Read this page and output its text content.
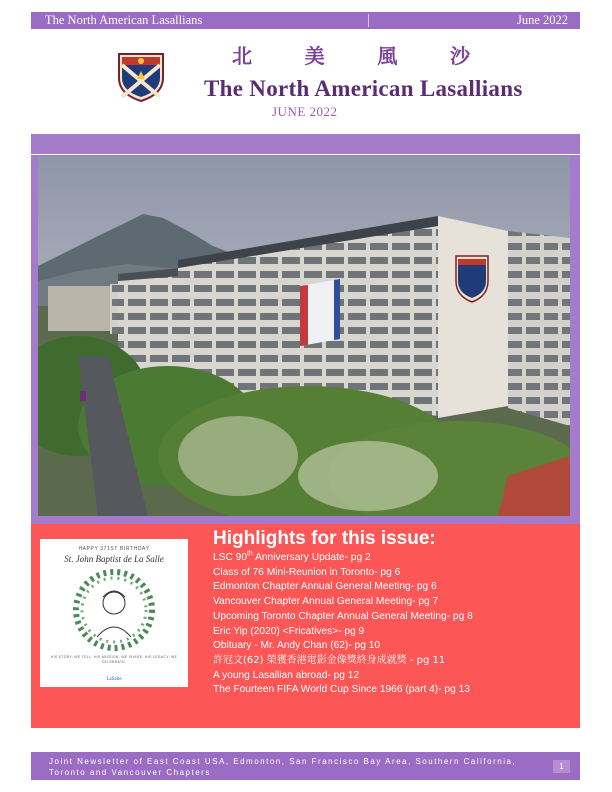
The North American Lasallians	June 2022
北	美	風	沙
The North American Lasallians
JUNE 2022
HAPPY 371ST BIRTHDAY
St. John Baptist de La Salle
HIS STORY, WE TELL. HIS MISSION, WE SHARE. HIS LEGACY, WE CELEBRATE.
LaSalle
Highlights for this issue:
LSC 90th Anniversary Update- pg 2
Class of 76 Mini-Reunion in Toronto- pg 6
Edmonton Chapter Annual General Meeting- pg 6
Vancouver Chapter Annual General Meeting- pg 7
Upcoming Toronto Chapter Annual General Meeting- pg 8
Eric Yip (2020) <Fricatives>- pg 9
Obituary - Mr. Andy Chan (62)- pg 10
許冠文(62) 榮獲香港電影金像獎終身成就獎 - pg 11
A young Lasallian abroad- pg 12
The Fourteen FIFA World Cup Since 1966 (part 4)- pg 13
Joint Newsletter of East Coast USA, Edmonton, San Francisco Bay Area, Southern California, Toronto and Vancouver Chapters
1
